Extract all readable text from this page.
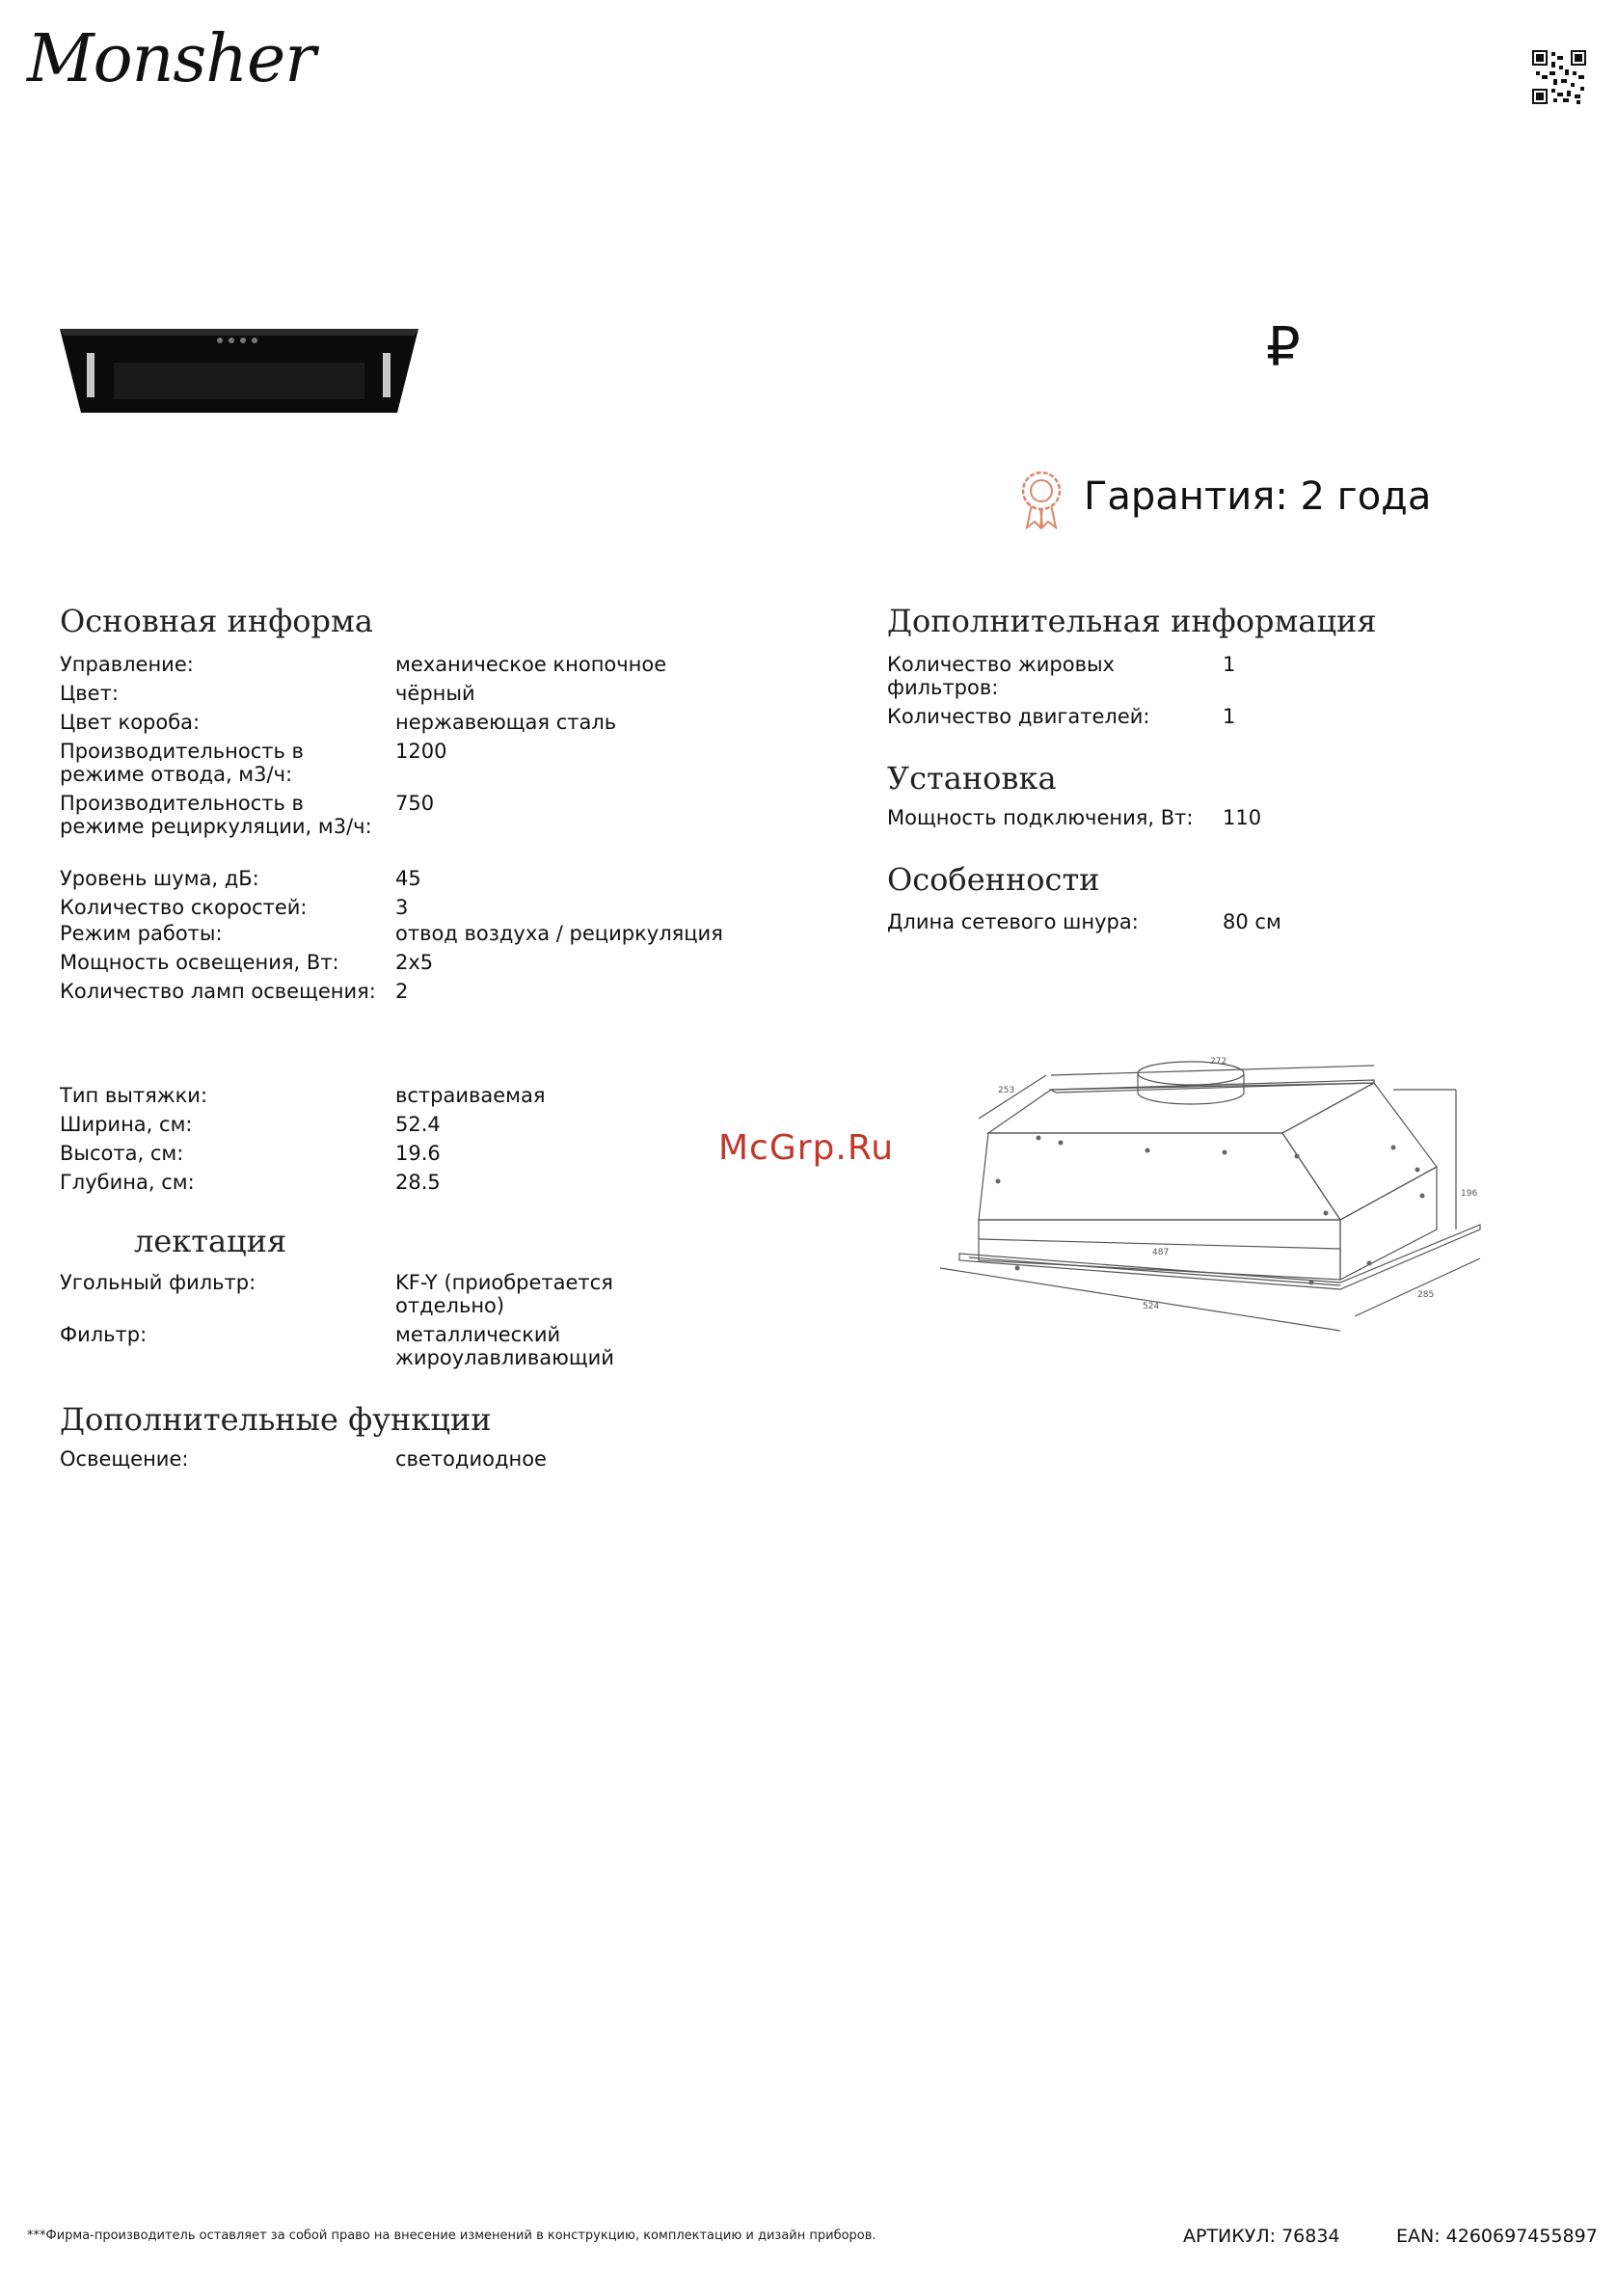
Monsher
₽
Гарантия: 2 года
Основная информа
Управление:	механическое кнопочное
Цвет:	чёрный
Цвет короба:	нержавеющая сталь
Производительность в режиме отвода, м3/ч:
1200
Производительность в режиме рециркуляции, м3/ч:
750
Уровень шума, дБ:	45
Количество скоростей:	3
Режим работы:	отвод воздуха / рециркуляция
Мощность освещения, Вт:	2x5
Количество ламп освещения: 2
Тип вытяжки:	встраиваемая
Ширина, см:	52.4
Высота, см:	19.6
Глубина, см:	28.5
лектация
Угольный фильтр:	KF-Y (приобретается отдельно)
Фильтр:	металлический жироулавливающий
Дополнительные функции
Освещение:	светодиодное
Дополнительная информация
Количество жировых фильтров:
1
Количество двигателей:	1
Установка
Мощность подключения, Вт: 110
Особенности
Длина сетевого шнура:	80 см
272
253
196
487
524
285
McGrp.Ru
***Фирма-производитель оставляет за собой право на внесение изменений в конструкцию, комплектацию и дизайн приборов.	АРТИКУЛ: 76834	EAN: 4260697455897
